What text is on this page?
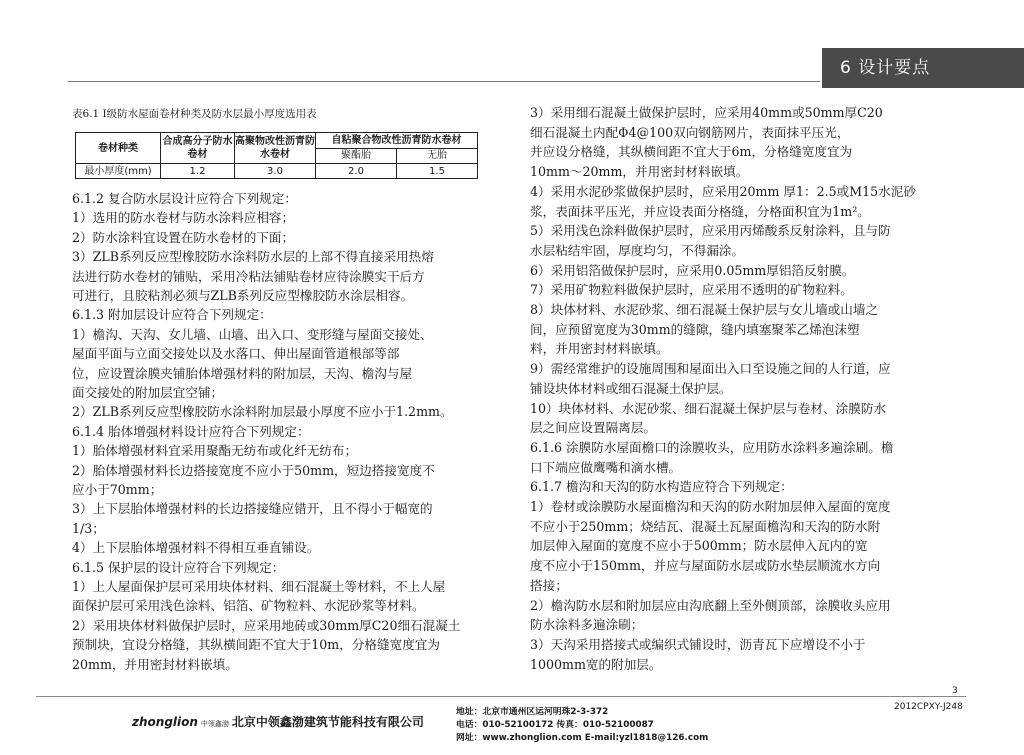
6 设计要点
表6.1 I级防水屋面卷材种类及防水层最小厚度选用表
卷材种类	合成高分子防水卷材	高聚物改性沥青防水卷材	自粘聚合物改性沥青防水卷材	
			聚酯胎	无胎
最小厚度(mm)	1.2	3.0	2.0	1.5
6.1.2 复合防水层设计应符合下列规定：
1）选用的防水卷材与防水涂料应相容；
2）防水涂料宜设置在防水卷材的下面；
3）ZLB系列反应型橡胶防水涂料防水层的上部不得直接采用热熔
法进行防水卷材的铺贴，采用冷粘法铺贴卷材应待涂膜实干后方
可进行，且胶粘剂必须与ZLB系列反应型橡胶防水涂层相容。
6.1.3 附加层设计应符合下列规定：
1）檐沟、天沟、女儿墙、山墙、出入口、变形缝与屋面交接处、
屋面平面与立面交接处以及水落口、伸出屋面管道根部等部
位，应设置涂膜夹铺胎体增强材料的附加层，天沟、檐沟与屋
面交接处的附加层宜空铺；
2）ZLB系列反应型橡胶防水涂料附加层最小厚度不应小于1.2mm。
6.1.4 胎体增强材料设计应符合下列规定：
1）胎体增强材料宜采用聚酯无纺布或化纤无纺布；
2）胎体增强材料长边搭接宽度不应小于50mm，短边搭接宽度不
应小于70mm；
3）上下层胎体增强材料的长边搭接缝应错开，且不得小于幅宽的
1/3；
4）上下层胎体增强材料不得相互垂直铺设。
6.1.5 保护层的设计应符合下列规定：
1）上人屋面保护层可采用块体材料、细石混凝土等材料，不上人屋
面保护层可采用浅色涂料、铝箔、矿物粒料、水泥砂浆等材料。
2）采用块体材料做保护层时，应采用地砖或30mm厚C20细石混凝土
预制块，宜设分格缝，其纵横间距不宜大于10m，分格缝宽度宜为
20mm，并用密封材料嵌填。
3）采用细石混凝土做保护层时，应采用40mm或50mm厚C20
细石混凝土内配Φ4@100双向钢筋网片，表面抹平压光，
并应设分格缝，其纵横间距不宜大于6m，分格缝宽度宜为
10mm～20mm，并用密封材料嵌填。
4）采用水泥砂浆做保护层时，应采用20mm 厚1：2.5或M15水泥砂
浆，表面抹平压光，并应设表面分格缝，分格面积宜为1m²。
5）采用浅色涂料做保护层时，应采用丙烯酸系反射涂料，且与防
水层粘结牢固，厚度均匀，不得漏涂。
6）采用铝箔做保护层时，应采用0.05mm厚铝箔反射膜。
7）采用矿物粒料做保护层时，应采用不透明的矿物粒料。
8）块体材料、水泥砂浆、细石混凝土保护层与女儿墙或山墙之
间，应预留宽度为30mm的缝隙，缝内填塞聚苯乙烯泡沫塑
料，并用密封材料嵌填。
9）需经常维护的设施周围和屋面出入口至设施之间的人行道，应
铺设块体材料或细石混凝土保护层。
10）块体材料、水泥砂浆、细石混凝土保护层与卷材、涂膜防水
层之间应设置隔离层。
6.1.6 涂膜防水屋面檐口的涂膜收头，应用防水涂料多遍涂刷。檐
口下端应做鹰嘴和滴水槽。
6.1.7 檐沟和天沟的防水构造应符合下列规定：
1）卷材或涂膜防水屋面檐沟和天沟的防水附加层伸入屋面的宽度
不应小于250mm；烧结瓦、混凝土瓦屋面檐沟和天沟的防水附
加层伸入屋面的宽度不应小于500mm；防水层伸入瓦内的宽
度不应小于150mm，并应与屋面防水层或防水垫层顺流水方向
搭接；
2）檐沟防水层和附加层应由沟底翻上至外侧顶部，涂膜收头应用
防水涂料多遍涂刷；
3）天沟采用搭接式或编织式铺设时，沥青瓦下应增设不小于
1000mm宽的附加层。
3
2012CPXY-J248
zhonglion 中领鑫渤 北京中领鑫渤建筑节能科技有限公司
地址：北京市通州区运河明珠2-3-372
电话：010-52100172 传真：010-52100087
网址：www.zhonglion.com E-mail:yzl1818@126.com
